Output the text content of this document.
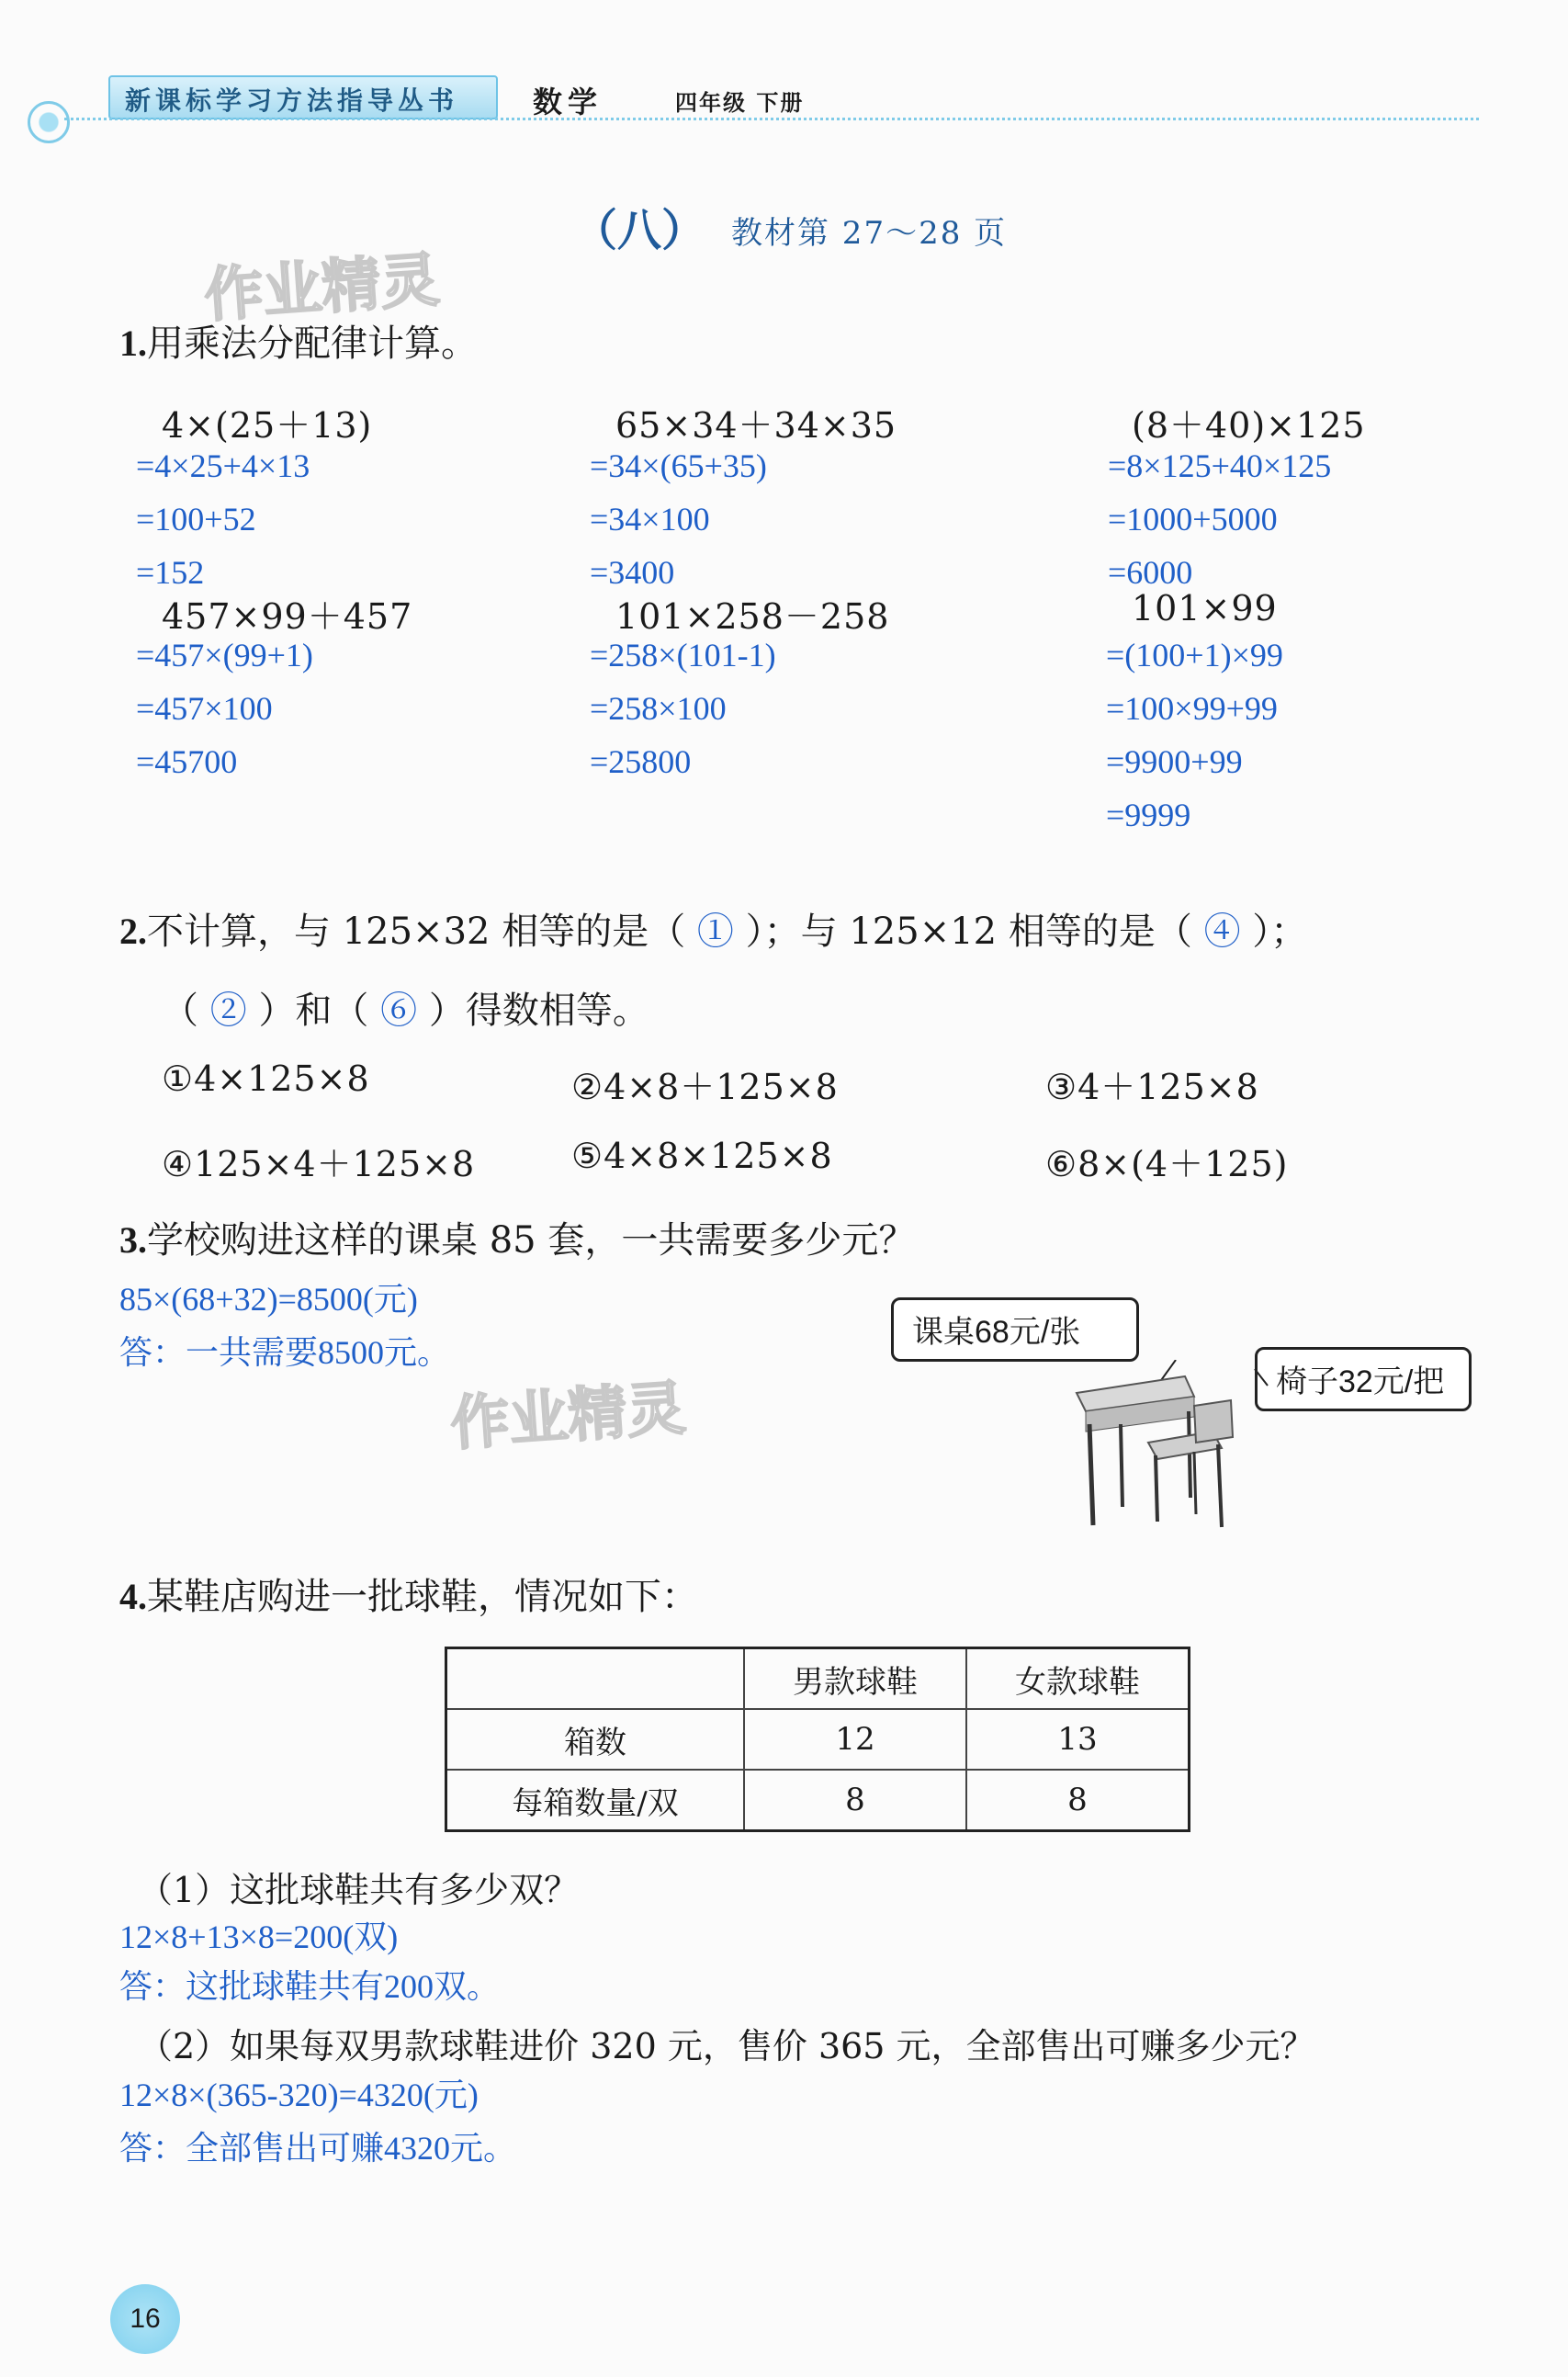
新课标学习方法指导丛书	数学	四年级 下册
（八） 教材第 27～28 页
作业精灵
作业精灵
1.用乘法分配律计算。
4×(25＋13)
=4×25+4×13
=100+52
=152
65×34＋34×35
=34×(65+35)
=34×100
=3400
(8＋40)×125
=8×125+40×125
=1000+5000
=6000
457×99＋457
=457×(99+1)
=457×100
=45700
101×258－258
=258×(101-1)
=258×100
=25800
101×99
=(100+1)×99
=100×99+99
=9900+99
=9999
2.不计算，与 125×32 相等的是（ ① ）；与 125×12 相等的是（ ④ ）；
（ ② ）和（ ⑥ ）得数相等。
①4×125×8	②4×8＋125×8	③4＋125×8
④125×4＋125×8	⑤4×8×125×8	⑥8×(4＋125)
3.学校购进这样的课桌 85 套，一共需要多少元？
85×(68+32)=8500(元)
答：一共需要8500元。
课桌68元/张
椅子32元/把
4.某鞋店购进一批球鞋，情况如下：
	男款球鞋	女款球鞋
箱数	12	13
每箱数量/双	8	8
（1）这批球鞋共有多少双？
12×8+13×8=200(双)
答：这批球鞋共有200双。
（2）如果每双男款球鞋进价 320 元，售价 365 元，全部售出可赚多少元？
12×8×(365-320)=4320(元)
答：全部售出可赚4320元。
16
